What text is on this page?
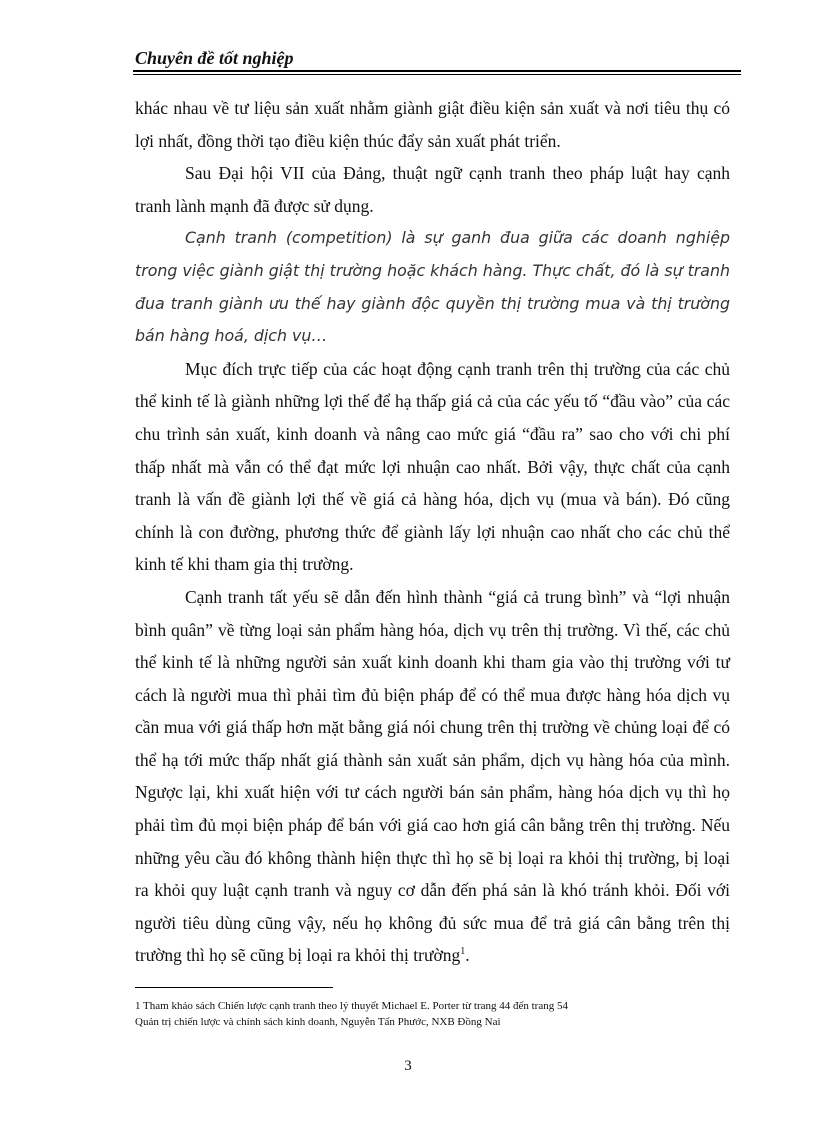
Chuyên đề tốt nghiệp

khác nhau về tư liệu sản xuất nhằm giành giật điều kiện sản xuất và nơi tiêu thụ có lợi nhất, đồng thời tạo điều kiện thúc đẩy sản xuất phát triển.

Sau Đại hội VII của Đảng, thuật ngữ cạnh tranh theo pháp luật hay cạnh tranh lành mạnh đã được sử dụng.

Cạnh tranh (competition) là sự ganh đua giữa các doanh nghiệp trong việc giành giật thị trường hoặc khách hàng. Thực chất, đó là sự tranh đua tranh giành ưu thế hay giành độc quyền thị trường mua và thị trường bán hàng hoá, dịch vụ…

Mục đích trực tiếp của các hoạt động cạnh tranh trên thị trường của các chủ thể kinh tế là giành những lợi thế để hạ thấp giá cả của các yếu tố “đầu vào” của các chu trình sản xuất, kinh doanh và nâng cao mức giá “đầu ra” sao cho với chi phí thấp nhất mà vẫn có thể đạt mức lợi nhuận cao nhất. Bởi vậy, thực chất của cạnh tranh là vấn đề giành lợi thế về giá cả hàng hóa, dịch vụ (mua và bán). Đó cũng chính là con đường, phương thức để giành lấy lợi nhuận cao nhất cho các chủ thể kinh tế khi tham gia thị trường.

Cạnh tranh tất yếu sẽ dẫn đến hình thành “giá cả trung bình” và “lợi nhuận bình quân” về từng loại sản phẩm hàng hóa, dịch vụ trên thị trường. Vì thế, các chủ thể kinh tế là những người sản xuất kinh doanh khi tham gia vào thị trường với tư cách là người mua thì phải tìm đủ biện pháp để có thể mua được hàng hóa dịch vụ cần mua với giá thấp hơn mặt bằng giá nói chung trên thị trường về chủng loại để có thể hạ tới mức thấp nhất giá thành sản xuất sản phẩm, dịch vụ hàng hóa của mình. Ngược lại, khi xuất hiện với tư cách người bán sản phẩm, hàng hóa dịch vụ thì họ phải tìm đủ mọi biện pháp để bán với giá cao hơn giá cân bằng trên thị trường. Nếu những yêu cầu đó không thành hiện thực thì họ sẽ bị loại ra khỏi thị trường, bị loại ra khỏi quy luật cạnh tranh và nguy cơ dẫn đến phá sản là khó tránh khỏi. Đối với người tiêu dùng cũng vậy, nếu họ không đủ sức mua để trả giá cân bằng trên thị trường thì họ sẽ cũng bị loại ra khỏi thị trường$^1$.

1 Tham khảo sách Chiến lược cạnh tranh theo lý thuyết Michael E. Porter từ trang 44 đến trang 54
Quản trị chiến lược và chính sách kinh doanh, Nguyễn Tấn Phước, NXB Đồng Nai
3
